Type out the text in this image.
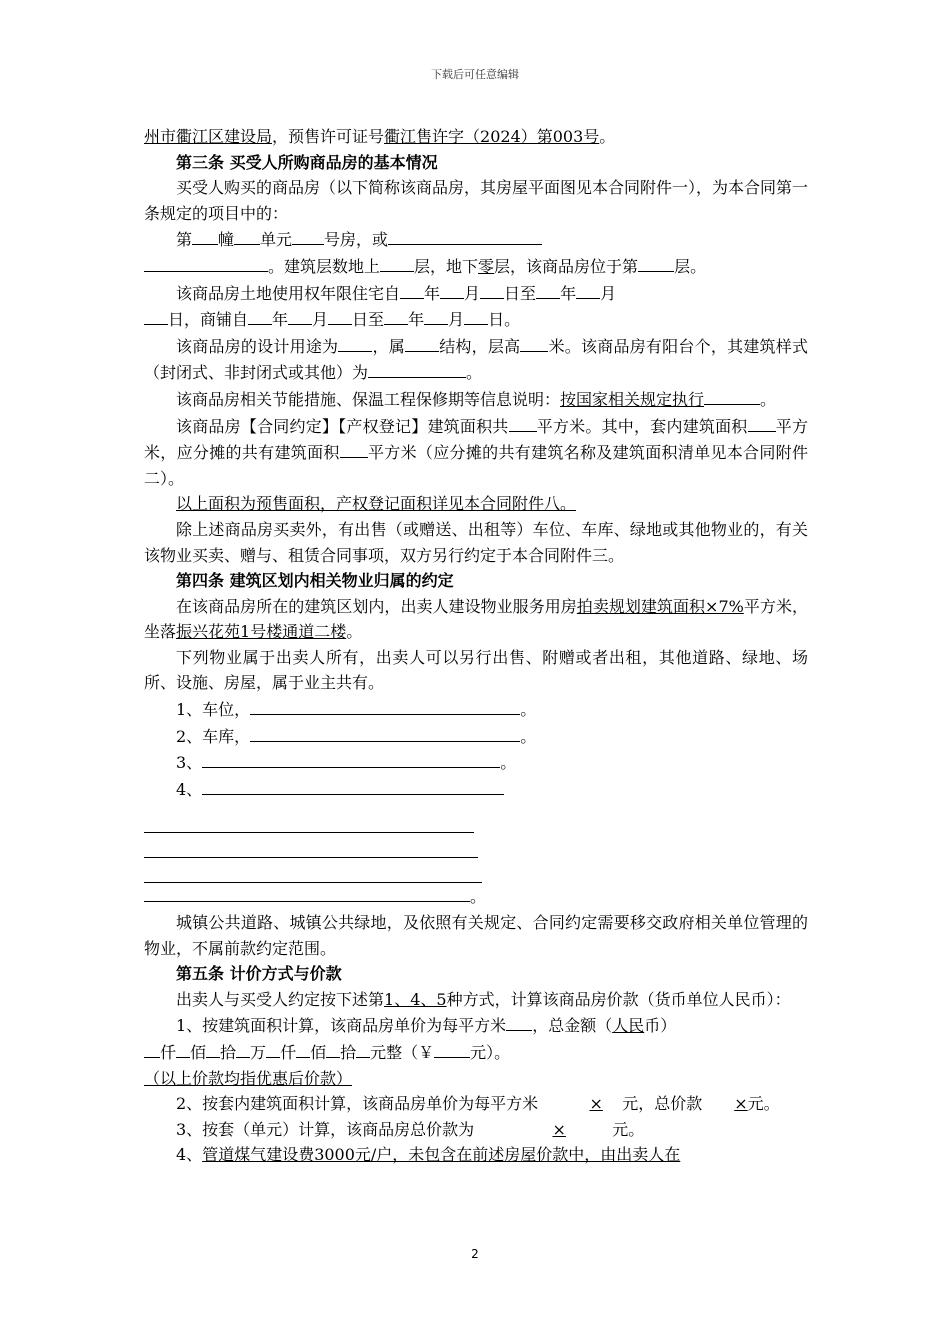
下载后可任意编辑

州市衢江区建设局，预售许可证号衢江售许字（2024）第003号。

第三条 买受人所购商品房的基本情况

买受人购买的商品房（以下简称该商品房，其房屋平面图见本合同附件一），为本合同第一条规定的项目中的：

第 幢 单元 号房，或

。建筑层数地上 层，地下零层，该商品房位于第 层。

该商品房土地使用权年限住宅自 年 月 日至 年 月

日，商铺自 年 月 日至 年 月 日。

该商品房的设计用途为 ，属 结构，层高 米。该商品房有阳台个，其建筑样式（封闭式、非封闭式或其他）为	。

该商品房相关节能措施、保温工程保修期等信息说明：按国家相关规定执行	。

该商品房【合同约定】【产权登记】建筑面积共 平方米。其中，套内建筑面积 平方米，应分摊的共有建筑面积 平方米（应分摊的共有建筑名称及建筑面积清单见本合同附件二）。

以上面积为预售面积，产权登记面积详见本合同附件八。

除上述商品房买卖外，有出售（或赠送、出租等）车位、车库、绿地或其他物业的，有关该物业买卖、赠与、租赁合同事项，双方另行约定于本合同附件三。

第四条 建筑区划内相关物业归属的约定

在该商品房所在的建筑区划内，出卖人建设物业服务用房拍卖规划建筑面积×7%平方米，坐落振兴花苑1号楼通道二楼。

下列物业属于出卖人所有，出卖人可以另行出售、附赠或者出租，其他道路、绿地、场所、设施、房屋，属于业主共有。

1、车位，	。

2、车库，	。

3、	。

4、

。

城镇公共道路、城镇公共绿地，及依照有关规定、合同约定需要移交政府相关单位管理的物业，不属前款约定范围。

第五条 计价方式与价款

出卖人与买受人约定按下述第1、4、5种方式，计算该商品房价款（货币单位人民币）：

1、按建筑面积计算，该商品房单价为每平方米 ，总金额（人民币）

仟 佰 拾 万 仟 佰 拾 元整（￥ 元）。

（以上价款均指优惠后价款）

2、按套内建筑面积计算，该商品房单价为每平方米	× 元，总价款 ×元。

3、按套（单元）计算，该商品房总价款为	×	元。

4、管道煤气建设费3000元/户，未包含在前述房屋价款中，由出卖人在

2
